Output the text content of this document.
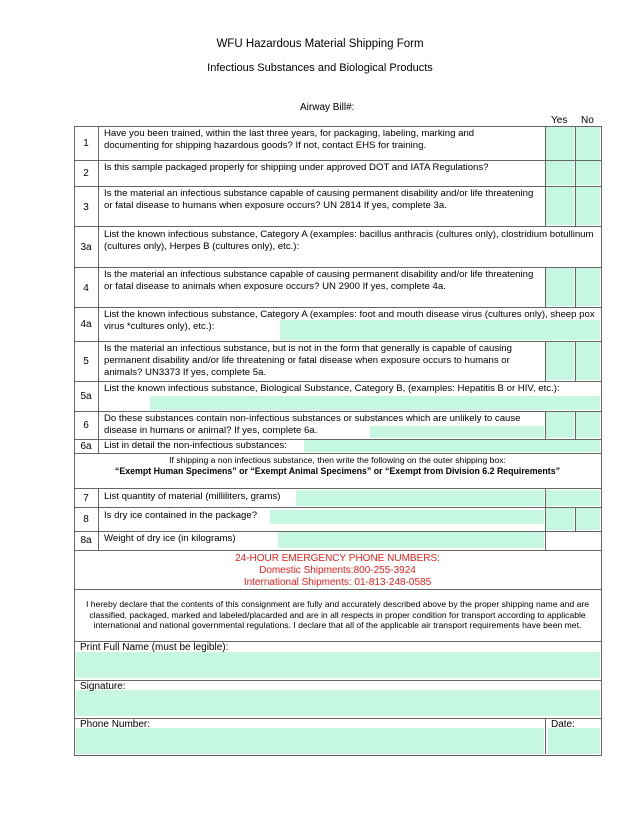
WFU Hazardous Material Shipping Form
Infectious Substances and Biological Products
Airway Bill#:
Yes No
1
2
3
3a
4
4a
5
5a
6
6a
7
8
8a
Have you been trained, within the last three years, for packaging, labeling, marking and documenting for shipping hazardous goods? If not, contact EHS for training.
Is this sample packaged properly for shipping under approved DOT and IATA Regulations?
Is the material an infectious substance capable of causing permanent disability and/or life threatening or fatal disease to humans when exposure occurs? UN 2814 If yes, complete 3a.
List the known infectious substance, Category A (examples: bacillus anthracis (cultures only), clostridium botullinum (cultures only), Herpes B (cultures only), etc.):
Is the material an infectious substance capable of causing permanent disability and/or life threatening or fatal disease to animals when exposure occurs? UN 2900 If yes, complete 4a.
List the known infectious substance, Category A (examples: foot and mouth disease virus (cultures only), sheep pox virus *cultures only), etc.):
Is the material an infectious substance, but is not in the form that generally is capable of causing permanent disability and/or life threatening or fatal disease when exposure occurs to humans or animals? UN3373 If yes, complete 5a.
List the known infectious substance, Biological Substance, Category B, (examples: Hepatitis B or HIV, etc.):
Do these substances contain non-infectious substances or substances which are unlikely to cause disease in humans or animal? If yes, complete 6a.
List in detail the non-infectious substances:
List quantity of material (milliliters, grams)
Is dry ice contained in the package?
Weight of dry ice (in kilograms)
If shipping a non infectious substance, then write the following on the outer shipping box:
“Exempt Human Specimens” or “Exempt Animal Specimens” or “Exempt from Division 6.2 Requirements”
24-HOUR EMERGENCY PHONE NUMBERS:
Domestic Shipments:800-255-3924
International Shipments: 01-813-248-0585
I hereby declare that the contents of this consignment are fully and accurately described above by the proper shipping name and are classified, packaged, marked and labeled/placarded and are in all respects in proper condition for transport according to applicable international and national governmental regulations. I declare that all of the applicable air transport requirements have been met.
Print Full Name (must be legible):
Signature:
Phone Number:	Date:
